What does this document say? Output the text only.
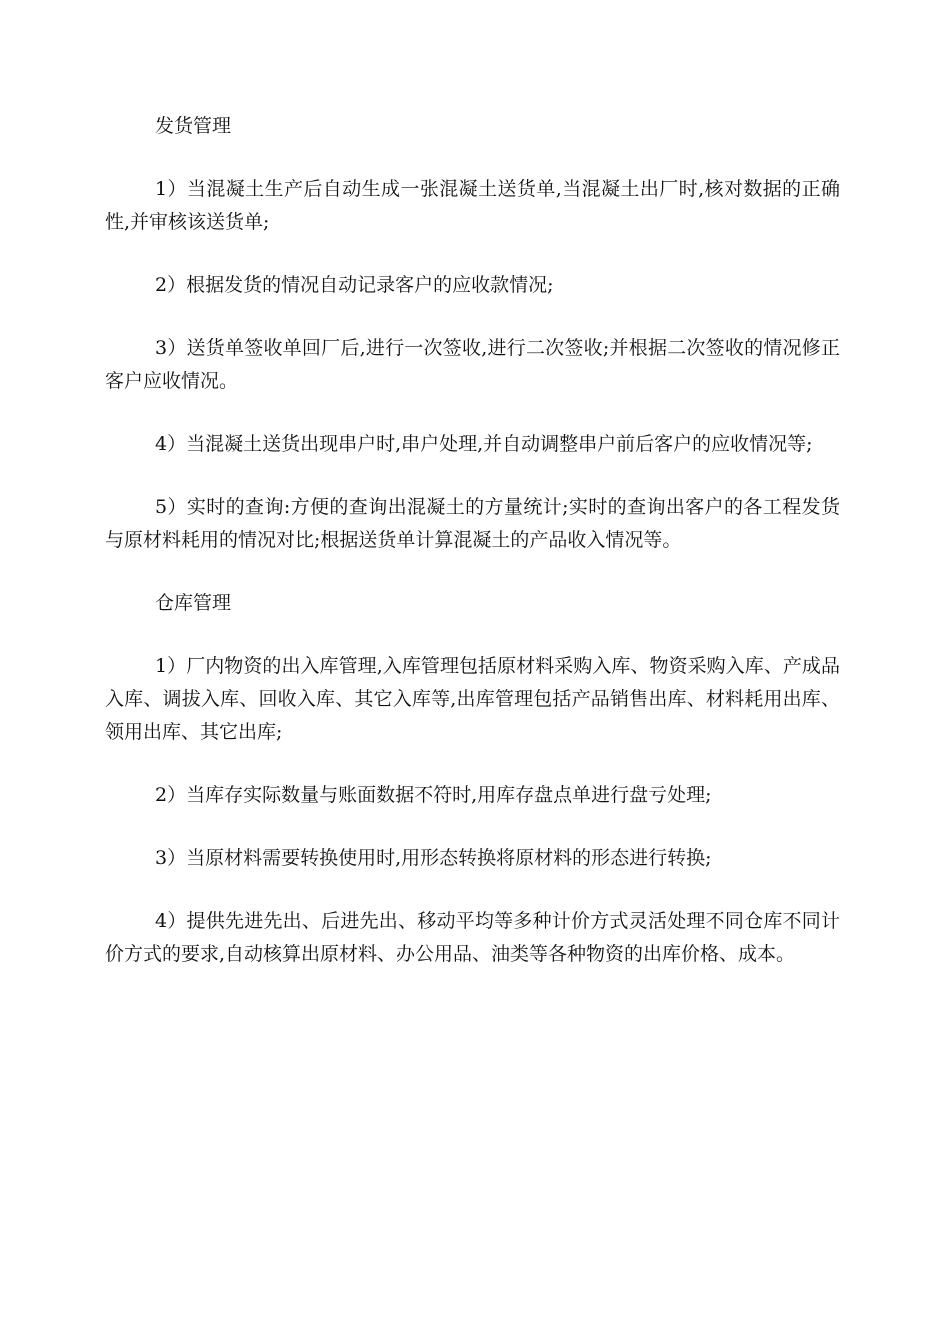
发货管理
1）当混凝土生产后自动生成一张混凝土送货单,当混凝土出厂时,核对数据的正确性,并审核该送货单;
2）根据发货的情况自动记录客户的应收款情况;
3）送货单签收单回厂后,进行一次签收,进行二次签收;并根据二次签收的情况修正客户应收情况。
4）当混凝土送货出现串户时,串户处理,并自动调整串户前后客户的应收情况等;
5）实时的查询:方便的查询出混凝土的方量统计;实时的查询出客户的各工程发货与原材料耗用的情况对比;根据送货单计算混凝土的产品收入情况等。
仓库管理
1）厂内物资的出入库管理,入库管理包括原材料采购入库、物资采购入库、产成品入库、调拔入库、回收入库、其它入库等,出库管理包括产品销售出库、材料耗用出库、领用出库、其它出库;
2）当库存实际数量与账面数据不符时,用库存盘点单进行盘亏处理;
3）当原材料需要转换使用时,用形态转换将原材料的形态进行转换;
4）提供先进先出、后进先出、移动平均等多种计价方式灵活处理不同仓库不同计价方式的要求,自动核算出原材料、办公用品、油类等各种物资的出库价格、成本。
